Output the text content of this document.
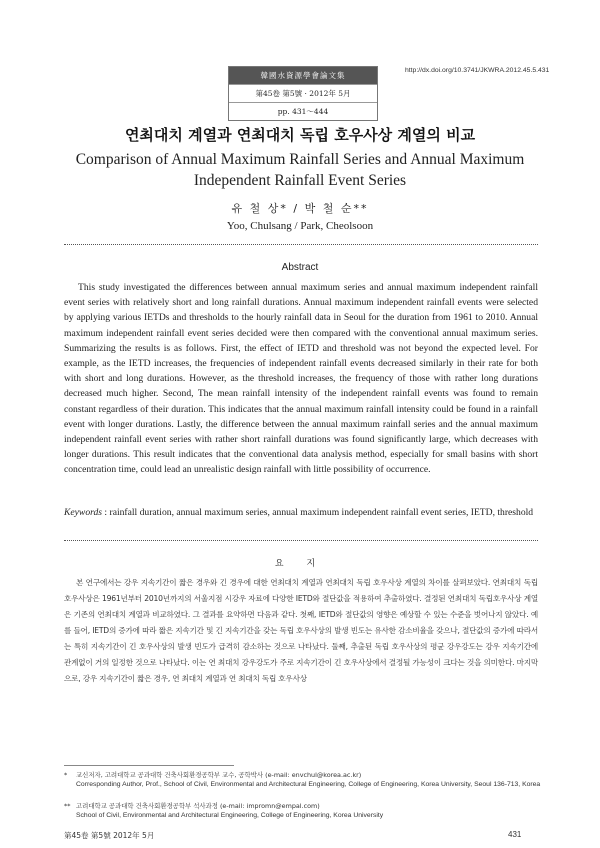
韓國水資源學會論文集
第45卷 第5號 · 2012年 5月
pp. 431～444
http://dx.doi.org/10.3741/JKWRA.2012.45.5.431
연최대치 계열과 연최대치 독립 호우사상 계열의 비교
Comparison of Annual Maximum Rainfall Series and Annual Maximum Independent Rainfall Event Series
유 철 상* / 박 철 순**
Yoo, Chulsang / Park, Cheolsoon
Abstract

This study investigated the differences between annual maximum series and annual maximum independent rainfall event series with relatively short and long rainfall durations. Annual maximum independent rainfall events were selected by applying various IETDs and thresholds to the hourly rainfall data in Seoul for the duration from 1961 to 2010. Annual maximum independent rainfall event series decided were then compared with the conventional annual maximum series. Summarizing the results is as follows. First, the effect of IETD and threshold was not beyond the expected level. For example, as the IETD increases, the frequencies of independent rainfall events decreased similarly in their rate for both with short and long durations. However, as the threshold increases, the frequency of those with rather long durations decreased much higher. Second, The mean rainfall intensity of the independent rainfall events was found to remain constant regardless of their duration. This indicates that the annual maximum rainfall intensity could be found in a rainfall event with longer durations. Lastly, the difference between the annual maximum rainfall series and the annual maximum independent rainfall event series with rather short rainfall durations was found significantly large, which decreases with longer durations. This result indicates that the conventional data analysis method, especially for small basins with short concentration time, could lead an unrealistic design rainfall with little possibility of occurrence.

Keywords : rainfall duration, annual maximum series, annual maximum independent rainfall event series, IETD, threshold

요 지

본 연구에서는 강우 지속기간이 짧은 경우와 긴 경우에 대한 연최대치 계열과 연최대치 독립 호우사상 계열의 차이를 살펴보았다. 연최대치 독립호우사상은 1961년부터 2010년까지의 서울지점 시강우 자료에 다양한 IETD와 절단값을 적용하여 추출하였다. 결정된 연최대치 독립호우사상 계열은 기존의 연최대치 계열과 비교하였다. 그 결과를 요약하면 다음과 같다. 첫째, IETD와 절단값의 영향은 예상할 수 있는 수준을 벗어나지 않았다. 예를 들어, IETD의 증가에 따라 짧은 지속기간 및 긴 지속기간을 갖는 독립 호우사상의 발생 빈도는 유사한 감소비율을 갖으나, 절단값의 증가에 따라서는 특히 지속기간이 긴 호우사상의 발생 빈도가 급격히 감소하는 것으로 나타났다. 둘째, 추출된 독립 호우사상의 평균 강우강도는 강우 지속기간에 관계없이 거의 일정한 것으로 나타났다. 이는 연 최대치 강우강도가 주로 지속기간이 긴 호우사상에서 결정될 가능성이 크다는 것을 의미한다. 마지막으로, 강우 지속기간이 짧은 경우, 연 최대치 계열과 연 최대치 독립 호우사상

* 교신저자, 고려대학교 공과대학 건축사회환경공학부 교수, 공학박사 (e-mail: envchul@korea.ac.kr)
Corresponding Author, Prof., School of Civil, Environmental and Architectural Engineering, College of Engineering, Korea University, Seoul 136-713, Korea
** 고려대학교 공과대학 건축사회환경공학부 석사과정 (e-mail: impromn@empal.com)
School of Civil, Environmental and Architectural Engineering, College of Engineering, Korea University
第45卷 第5號 2012年 5月	431
